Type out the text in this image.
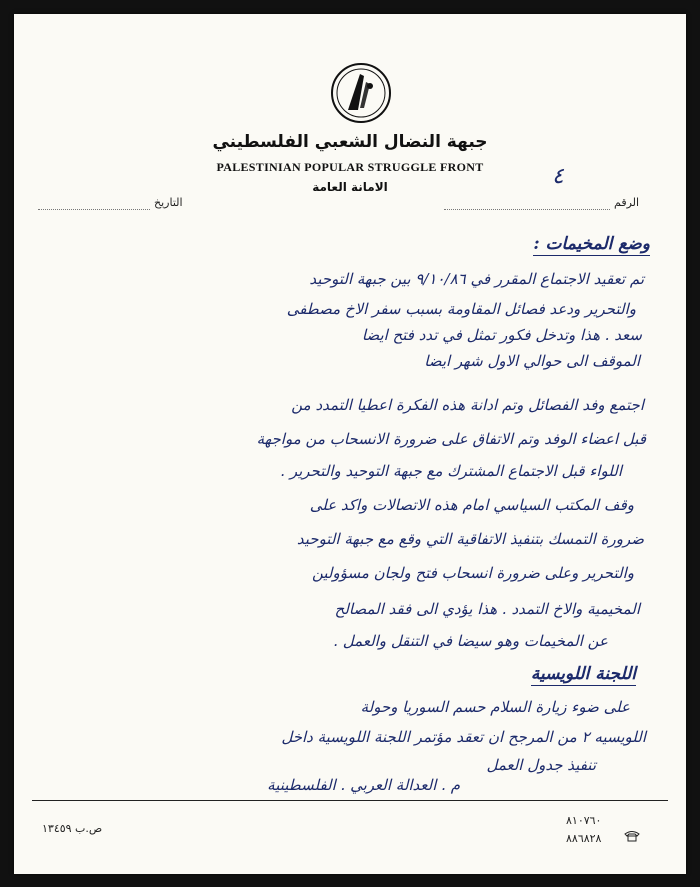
جبهة النضال الشعبي الفلسطيني
PALESTINIAN POPULAR STRUGGLE FRONT
الامانة العامة
الرقم
التاريخ
٤
وضع المخيمات :
تم تعقيد الاجتماع المقرر في ٩/١٠/٨٦ بين جبهة التوحيد
والتحرير ودعد فصائل المقاومة بسبب سفر الاخ مصطفى
سعد . هذا وتدخل فكور تمثل في تدد فتح ايضا
الموقف الى حوالي الاول شهر ايضا
اجتمع وفد الفصائل وتم ادانة هذه الفكرة اعطيا التمدد من
قبل اعضاء الوفد وتم الاتفاق على ضرورة الانسحاب من مواجهة
اللواء قبل الاجتماع المشترك مع جبهة التوحيد والتحرير .
وقف المكتب السياسي امام هذه الاتصالات واكد على
ضرورة التمسك بتنفيذ الاتفاقية التي وقع مع جبهة التوحيد
والتحرير وعلى ضرورة انسحاب فتح ولجان مسؤولين
المخيمية والاخ التمدد . هذا يؤدي الى فقد المصالح
عن المخيمات وهو سيضا في التنقل والعمل .
اللجنة اللويسية
على ضوء زيارة السلام حسم السوريا وحولة
اللويسيه ٢ من المرجح ان تعقد مؤتمر اللجنة اللويسية داخل
تنفيذ جدول العمل
م . العدالة العربي . الفلسطينية
ص.ب ١٣٤٥٩
٨١٠٧٦٠
٨٨٦٨٢٨
